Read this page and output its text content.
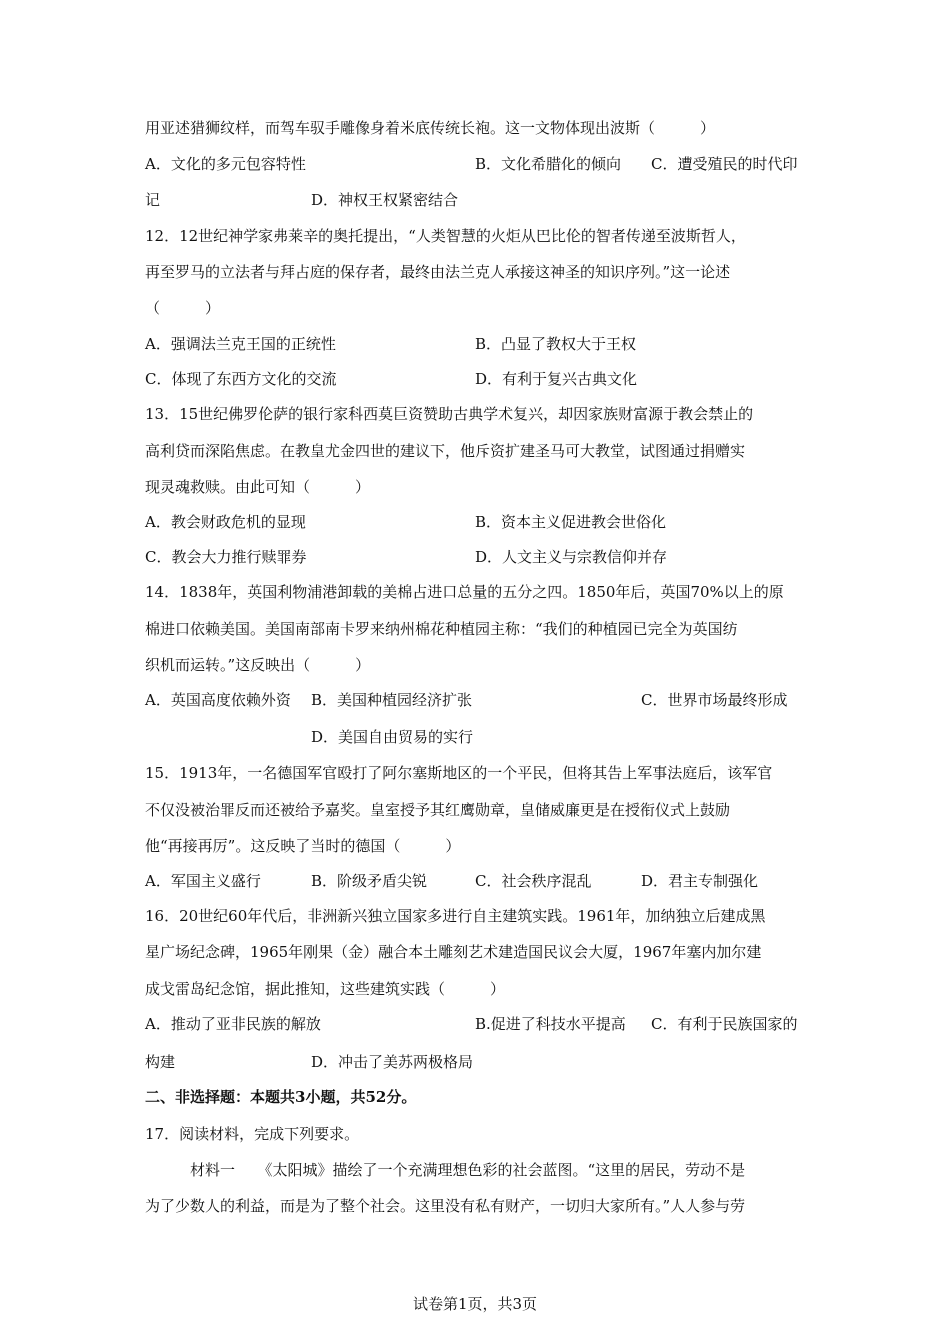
用亚述猎狮纹样，而驾车驭手雕像身着米底传统长袍。这一文物体现出波斯（　　　）
A．文化的多元包容特性	B．文化希腊化的倾向 C．遭受殖民的时代印
记	D．神权王权紧密结合
12．12世纪神学家弗莱辛的奥托提出，“人类智慧的火炬从巴比伦的智者传递至波斯哲人，
再至罗马的立法者与拜占庭的保存者，最终由法兰克人承接这神圣的知识序列。”这一论述
（　　　）
A．强调法兰克王国的正统性	B．凸显了教权大于王权
C．体现了东西方文化的交流	D．有利于复兴古典文化
13．15世纪佛罗伦萨的银行家科西莫巨资赞助古典学术复兴，却因家族财富源于教会禁止的
高利贷而深陷焦虑。在教皇尤金四世的建议下，他斥资扩建圣马可大教堂，试图通过捐赠实
现灵魂救赎。由此可知（　　　）
A．教会财政危机的显现	B．资本主义促进教会世俗化
C．教会大力推行赎罪券	D．人文主义与宗教信仰并存
14．1838年，英国利物浦港卸载的美棉占进口总量的五分之四。1850年后，英国70%以上的原
棉进口依赖美国。美国南部南卡罗来纳州棉花种植园主称：“我们的种植园已完全为英国纺
织机而运转。”这反映出（　　　）
A．英国高度依赖外资 B．美国种植园经济扩张	C．世界市场最终形成
D．美国自由贸易的实行
15．1913年，一名德国军官殴打了阿尔塞斯地区的一个平民，但将其告上军事法庭后，该军官
不仅没被治罪反而还被给予嘉奖。皇室授予其红鹰勋章，皇储威廉更是在授衔仪式上鼓励
他“再接再厉”。这反映了当时的德国（　　　）
A．军国主义盛行	B．阶级矛盾尖锐	C．社会秩序混乱	D．君主专制强化
16．20世纪60年代后，非洲新兴独立国家多进行自主建筑实践。1961年，加纳独立后建成黑
星广场纪念碑，1965年刚果（金）融合本土雕刻艺术建造国民议会大厦，1967年塞内加尔建
成戈雷岛纪念馆，据此推知，这些建筑实践（　　　）
A．推动了亚非民族的解放	B.促进了科技水平提高 C．有利于民族国家的
构建	D．冲击了美苏两极格局
二、非选择题：本题共3小题，共52分。
17．阅读材料，完成下列要求。
材料一　　《太阳城》描绘了一个充满理想色彩的社会蓝图。“这里的居民，劳动不是
为了少数人的利益，而是为了整个社会。这里没有私有财产，一切归大家所有。”人人参与劳
试卷第1页，共3页
